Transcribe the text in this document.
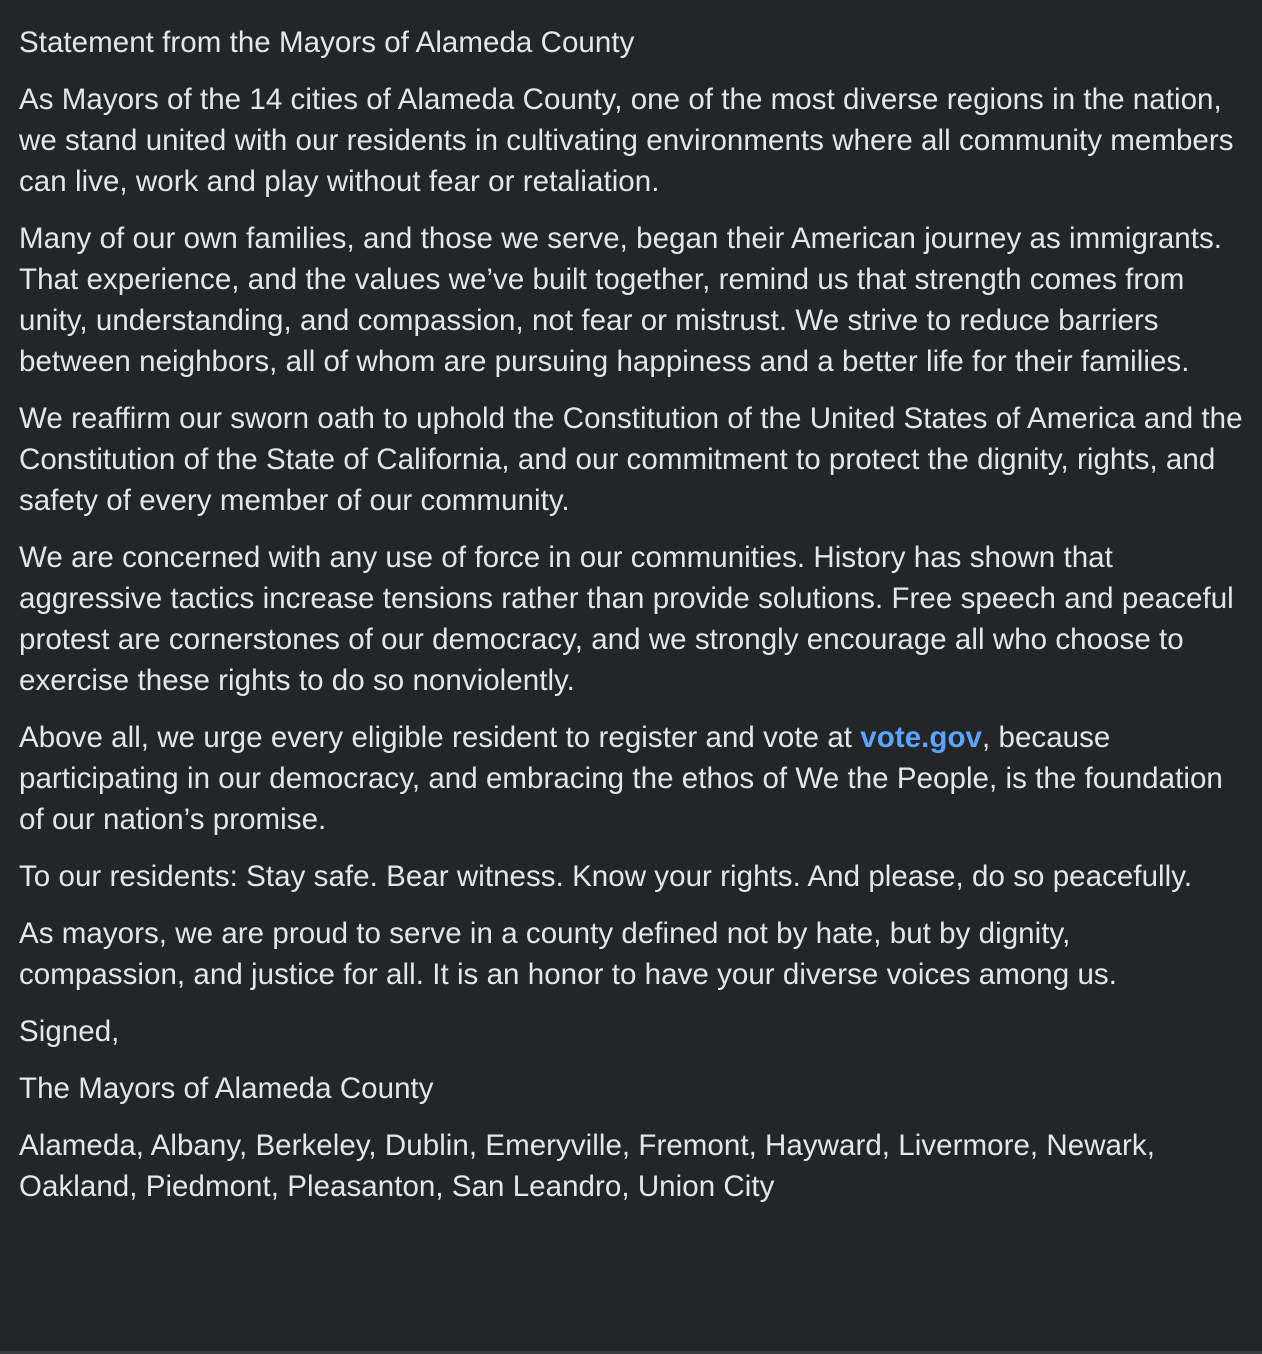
Statement from the Mayors of Alameda County

As Mayors of the 14 cities of Alameda County, one of the most diverse regions in the nation, we stand united with our residents in cultivating environments where all community members can live, work and play without fear or retaliation.

Many of our own families, and those we serve, began their American journey as immigrants. That experience, and the values we’ve built together, remind us that strength comes from unity, understanding, and compassion, not fear or mistrust. We strive to reduce barriers between neighbors, all of whom are pursuing happiness and a better life for their families.

We reaffirm our sworn oath to uphold the Constitution of the United States of America and the Constitution of the State of California, and our commitment to protect the dignity, rights, and safety of every member of our community.

We are concerned with any use of force in our communities. History has shown that aggressive tactics increase tensions rather than provide solutions. Free speech and peaceful protest are cornerstones of our democracy, and we strongly encourage all who choose to exercise these rights to do so nonviolently.

Above all, we urge every eligible resident to register and vote at vote.gov, because participating in our democracy, and embracing the ethos of We the People, is the foundation of our nation’s promise.

To our residents: Stay safe. Bear witness. Know your rights. And please, do so peacefully.

As mayors, we are proud to serve in a county defined not by hate, but by dignity, compassion, and justice for all. It is an honor to have your diverse voices among us.

Signed,

The Mayors of Alameda County

Alameda, Albany, Berkeley, Dublin, Emeryville, Fremont, Hayward, Livermore, Newark, Oakland, Piedmont, Pleasanton, San Leandro, Union City
